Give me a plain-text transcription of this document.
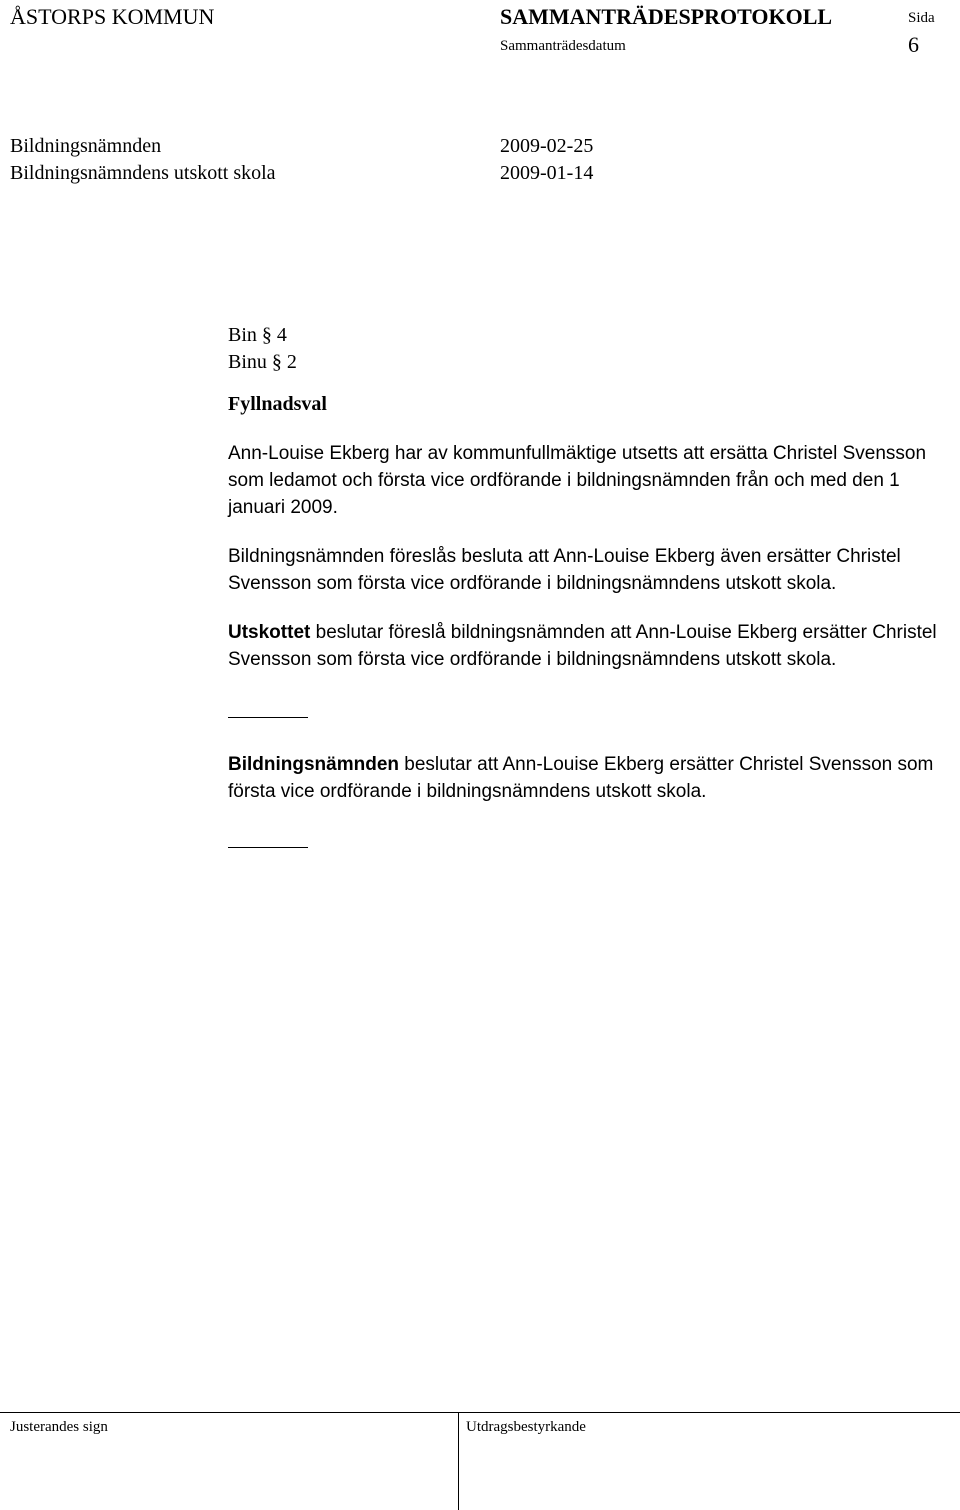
ÅSTORPS KOMMUN	SAMMANTRÄDESPROTOKOLL	Sida
Sammanträdesdatum	6
Bildningsnämnden	2009-02-25
Bildningsnämndens utskott skola	2009-01-14
Bin § 4
Binu § 2
Fyllnadsval
Ann-Louise Ekberg har av kommunfullmäktige utsetts att ersätta Christel Svensson som ledamot och första vice ordförande i bildningsnämnden från och med den 1 januari 2009.
Bildningsnämnden föreslås besluta att Ann-Louise Ekberg även ersätter Christel Svensson som första vice ordförande i bildningsnämndens utskott skola.
Utskottet beslutar föreslå bildningsnämnden att Ann-Louise Ekberg ersätter Christel Svensson som första vice ordförande i bildningsnämndens utskott skola.
Bildningsnämnden beslutar att Ann-Louise Ekberg ersätter Christel Svensson som första vice ordförande i bildningsnämndens utskott skola.
Justerandes sign	Utdragsbestyrkande
